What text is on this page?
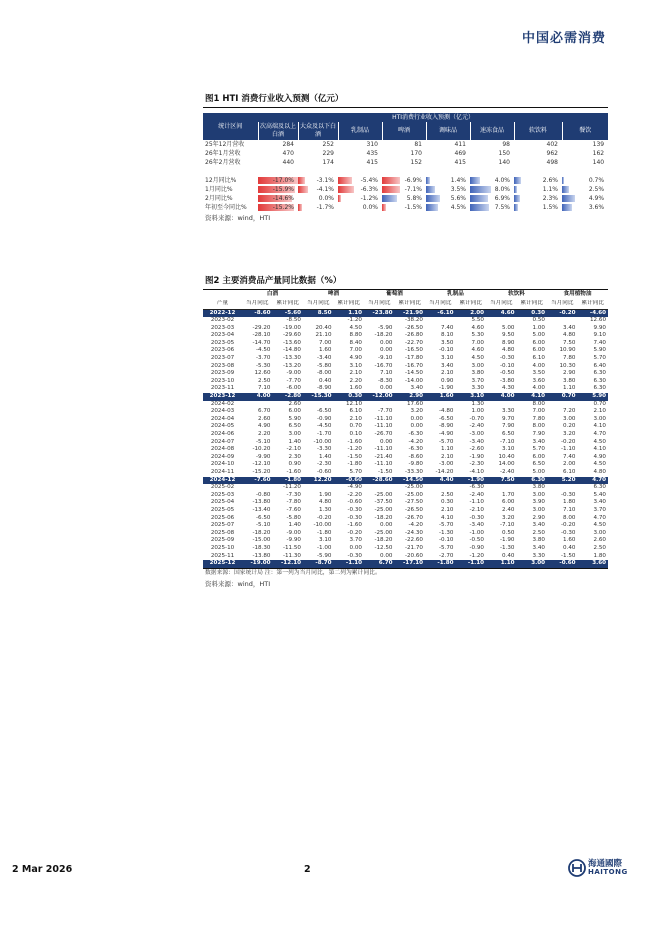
中国必需消费
图1 HTI 消费行业收入预测（亿元）
统计区间	HTI消费行业收入预测（亿元）							
	次高端及以上白酒	大众及以下白酒	乳制品	啤酒	调味品	速冻食品	软饮料	餐饮
25年12月营收	284	252	310	81	411	98	402	139
26年1月营收	470	229	435	170	469	150	962	162
26年2月营收	440	174	415	152	415	140	498	140

12月同比%	-17.0%	-3.1%	-5.4%	-6.9%	1.4%	4.0%	2.6%	0.7%
1月同比%	-15.9%	-4.1%	-6.3%	-7.1%	3.5%	8.0%	1.1%	2.5%
2月同比%	-14.6%	0.0%	-1.2%	5.8%	5.6%	6.9%	2.3%	4.9%
年初至今同比%	-15.2%	-1.7%	0.0%	-1.5%	4.5%	7.5%	1.5%	3.6%
资料来源：wind，HTI
图2 主要消费品产量同比数据（%）
	白酒		啤酒		葡萄酒		乳制品		软饮料		食用植物油	
产量	当月同比	累计同比	当月同比	累计同比	当月同比	累计同比	当月同比	累计同比	当月同比	累计同比	当月同比	累计同比
2022-12	-8.60	-5.60	8.50	1.10	-23.80	-21.90	-6.10	2.00	4.60	0.30	-0.20	-4.60
2023-02		-8.50		-1.20		-38.20		5.50		0.50		12.60
2023-03	-29.20	-19.00	20.40	4.50	-5.90	-26.50	7.40	4.60	5.00	1.00	3.40	9.90
2023-04	-28.10	-29.60	21.10	8.80	-18.20	-26.80	8.10	5.30	9.50	5.00	4.80	9.10
2023-05	-14.70	-13.60	7.00	8.40	0.00	-22.70	3.50	7.00	8.90	6.00	7.50	7.40
2023-06	-4.50	-14.80	1.60	7.00	0.00	-16.50	-0.10	4.60	4.80	6.00	10.90	5.90
2023-07	-3.70	-13.30	-3.40	4.90	-9.10	-17.80	3.10	4.50	-0.30	6.10	7.80	5.70
2023-08	-5.30	-13.20	-5.80	3.10	-16.70	-16.70	3.40	3.00	-0.10	4.00	10.30	6.40
2023-09	12.60	-9.00	-8.00	2.10	7.10	-14.50	2.10	3.80	-0.50	3.50	2.90	6.30
2023-10	2.50	-7.70	0.40	2.20	-8.30	-14.00	0.90	3.70	-3.80	3.60	3.80	6.30
2023-11	7.10	-6.00	-8.90	1.60	0.00	3.40	-1.90	3.30	4.30	4.00	1.10	6.30
2023-12	4.00	-2.80	-15.30	0.30	-12.00	2.90	1.60	3.10	4.00	4.10	0.70	5.90
2024-02		2.60		12.10		17.60		1.30		8.00		0.70
2024-03	6.70	6.00	-6.50	6.10	-7.70	3.20	-4.80	1.00	3.30	7.00	7.20	2.10
2024-04	2.60	5.90	-0.90	2.10	-11.10	0.00	-6.50	-0.70	9.70	7.80	3.00	3.00
2024-05	4.90	6.50	-4.50	0.70	-11.10	0.00	-8.90	-2.40	7.90	8.00	0.20	4.10
2024-06	2.20	3.00	-1.70	0.10	-26.70	-6.30	-4.90	-3.00	6.50	7.90	3.20	4.70
2024-07	-5.10	1.40	-10.00	-1.60	0.00	-4.20	-5.70	-3.40	-7.10	3.40	-0.20	4.50
2024-08	-10.20	-2.10	-3.30	-1.20	-11.10	-6.30	1.10	-2.60	3.10	5.70	-1.10	4.10
2024-09	-9.90	2.30	1.40	-1.50	-21.40	-8.60	2.10	-1.90	10.40	6.00	7.40	4.90
2024-10	-12.10	0.90	-2.30	-1.80	-11.10	-9.80	-3.00	-2.30	14.00	6.50	2.00	4.50
2024-11	-15.20	-1.60	-0.60	5.70	-1.50	-33.30	-14.20	-4.10	-2.40	5.00	6.10	4.80
2024-12	-7.60	-1.80	12.20	-0.60	-28.60	-14.50	4.40	-1.90	7.50	6.30	5.20	4.70
2025-02		-11.20		-4.90		-25.00		-6.30		3.80		6.30
2025-03	-0.80	-7.30	1.90	-2.20	-25.00	-25.00	2.50	-2.40	1.70	3.00	-0.30	5.40
2025-04	-13.80	-7.80	4.80	-0.60	-37.50	-27.50	0.30	-1.10	6.00	3.90	1.80	3.40
2025-05	-13.40	-7.60	1.30	-0.30	-25.00	-26.50	2.10	-2.10	2.40	3.00	7.10	3.70
2025-06	-6.50	-5.80	-0.20	-0.30	-18.20	-26.70	4.10	-0.30	3.20	2.90	8.00	4.70
2025-07	-5.10	1.40	-10.00	-1.60	0.00	-4.20	-5.70	-3.40	-7.10	3.40	-0.20	4.50
2025-08	-18.20	-9.00	-1.80	-0.20	-25.00	-24.30	-1.30	-1.00	0.50	2.50	-0.30	3.00
2025-09	-15.00	-9.90	3.10	3.70	-18.20	-22.60	-0.10	-0.50	-1.90	3.80	1.60	2.60
2025-10	-18.30	-11.50	-1.00	0.00	-12.50	-21.70	-5.70	-0.90	-1.30	3.40	0.40	2.50
2025-11	-13.80	-11.30	-5.90	-0.30	0.00	-20.60	-2.70	-1.20	0.40	3.30	-1.50	1.80
2025-12	-19.00	-12.10	-8.70	-1.10	6.70	-17.10	-1.80	-1.10	1.10	3.00	-0.60	3.60
数据来源：国家统计局 注：第一列为当月同比，第二列为累计同比。
资料来源：wind，HTI
2 Mar 2026	2	海通國際
HAITONG
